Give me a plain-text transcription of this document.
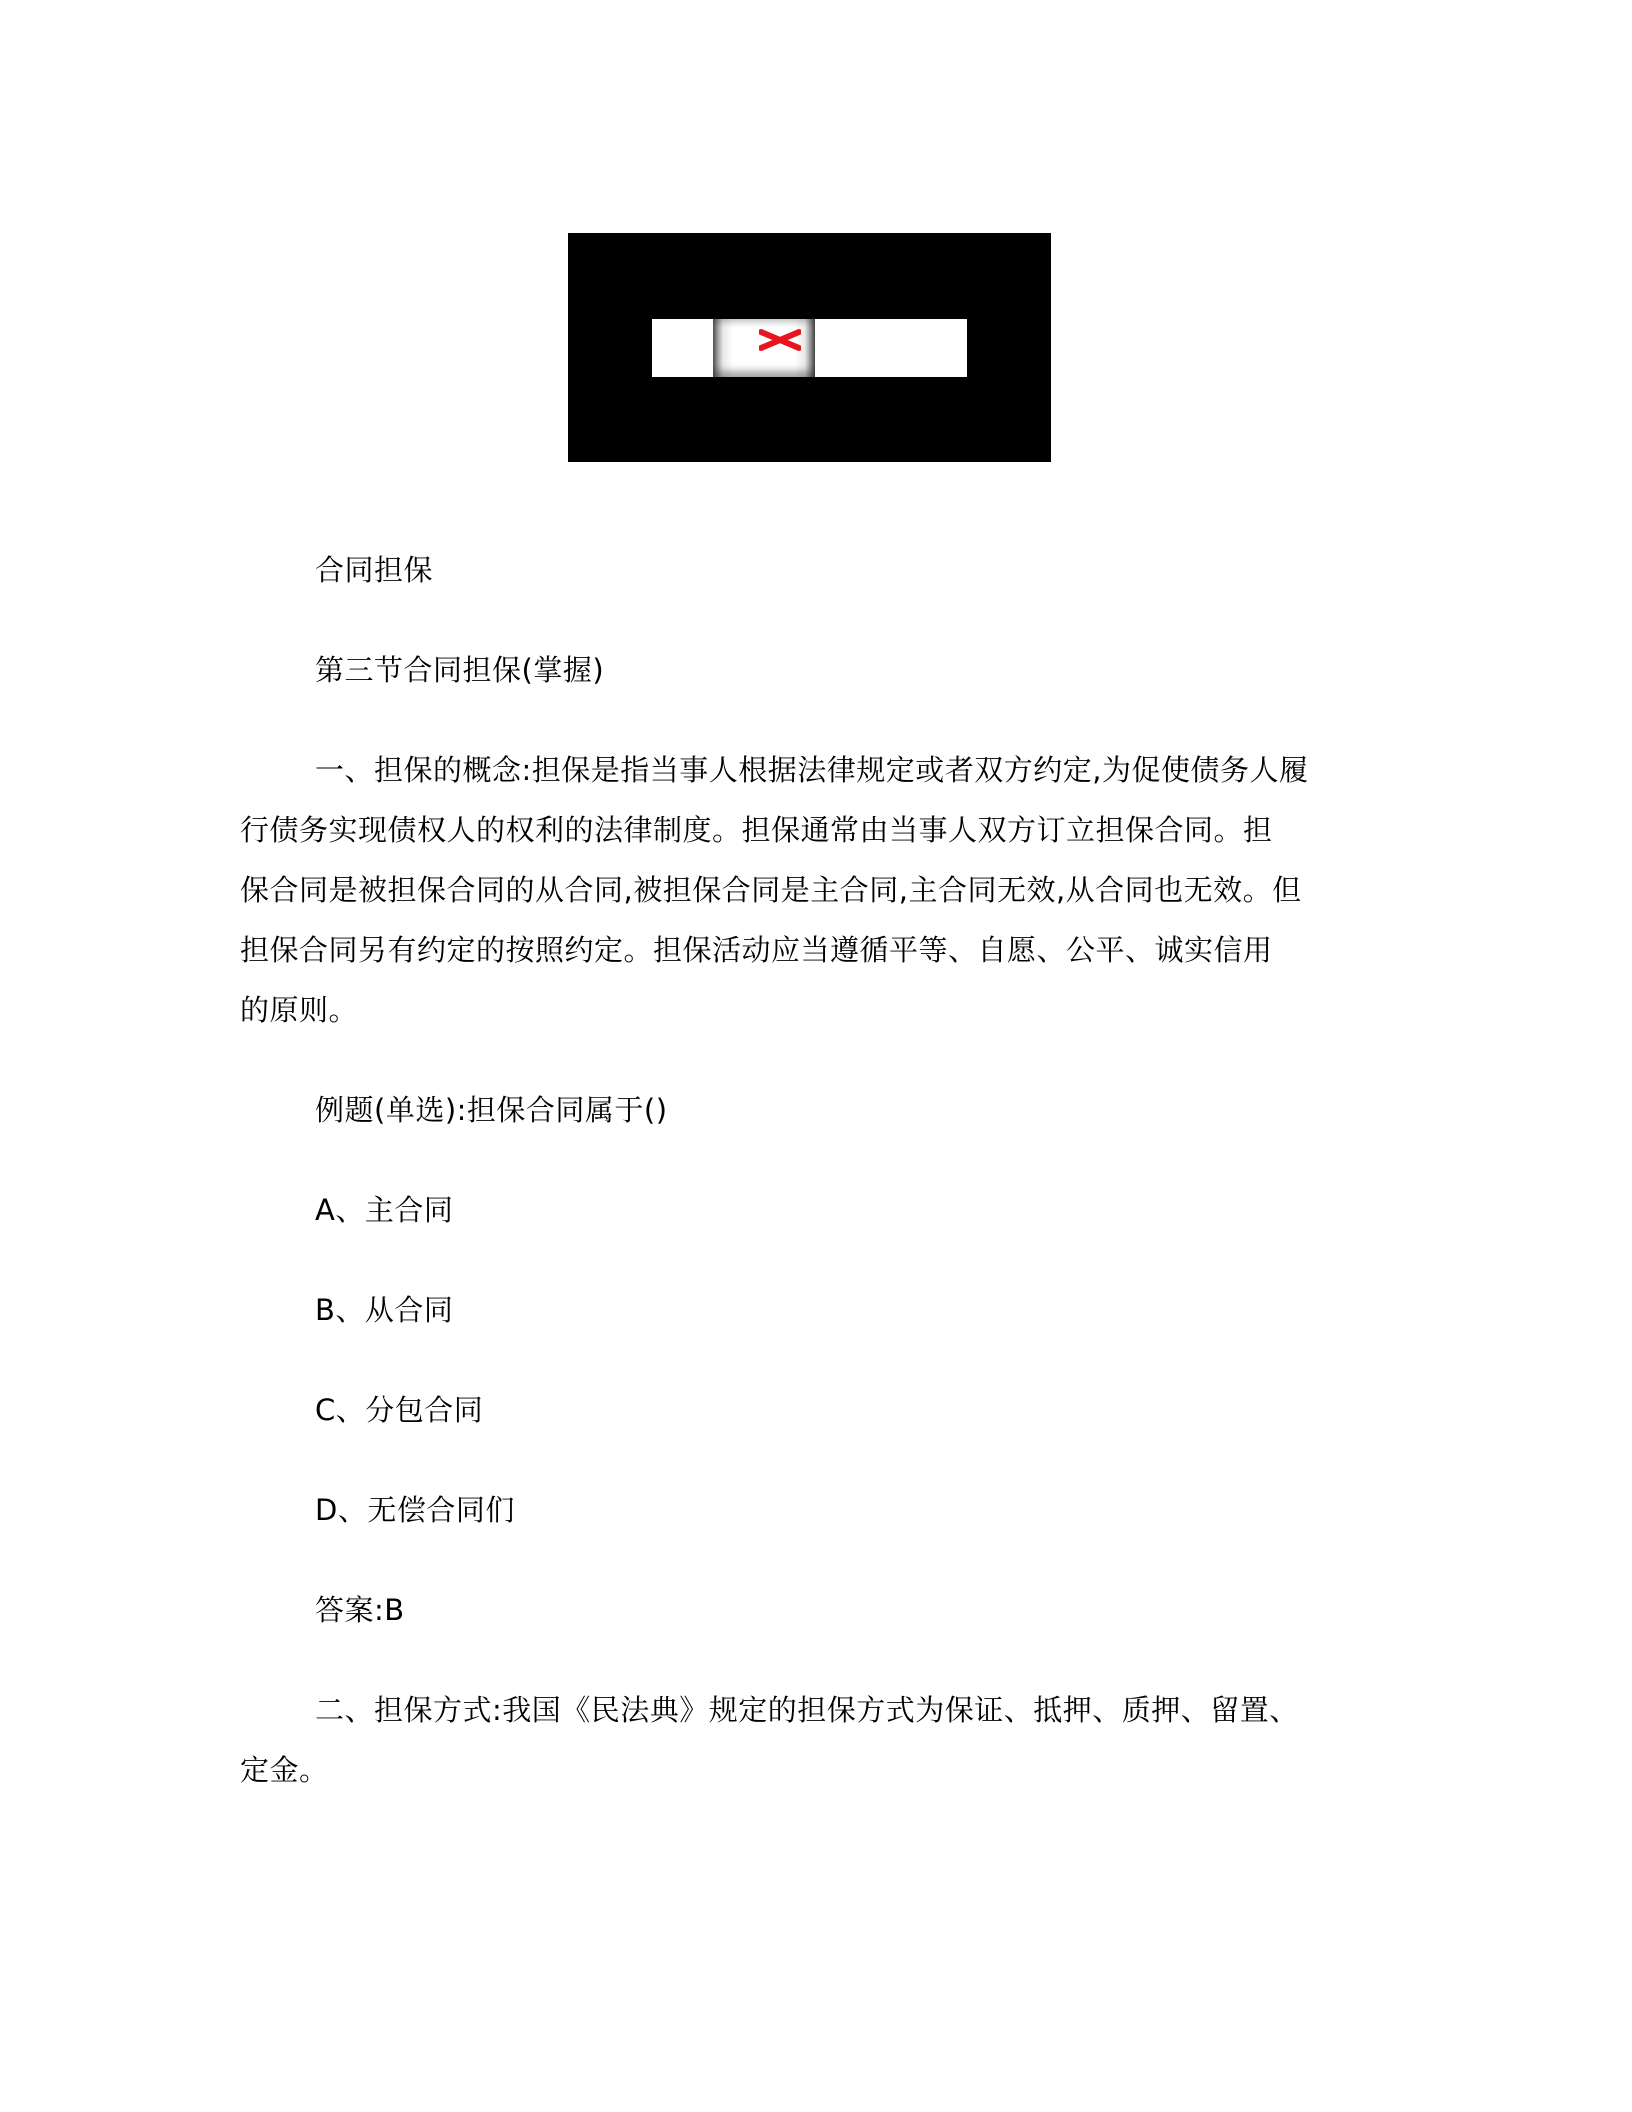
合同担保

第三节合同担保(掌握)

一、担保的概念:担保是指当事人根据法律规定或者双方约定,为促使债务人履

行债务实现债权人的权利的法律制度。担保通常由当事人双方订立担保合同。担

保合同是被担保合同的从合同,被担保合同是主合同,主合同无效,从合同也无效。但

担保合同另有约定的按照约定。担保活动应当遵循平等、自愿、公平、诚实信用

的原则。

例题(单选):担保合同属于()

A、主合同

B、从合同

C、分包合同

D、无偿合同们

答案:B

二、担保方式:我国《民法典》规定的担保方式为保证、抵押、质押、留置、

定金。
